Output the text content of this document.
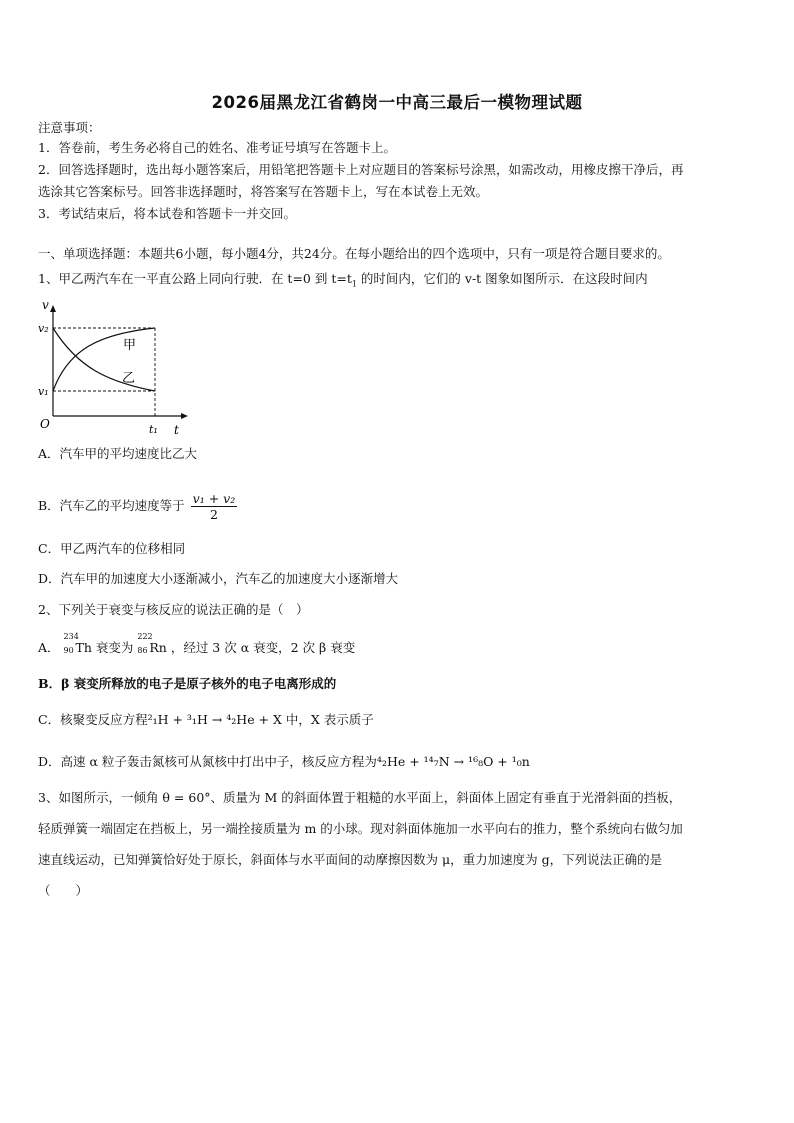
2026届黑龙江省鹤岗一中高三最后一模物理试题
注意事项：
1．答卷前，考生务必将自己的姓名、准考证号填写在答题卡上。
2．回答选择题时，选出每小题答案后，用铅笔把答题卡上对应题目的答案标号涂黑，如需改动，用橡皮擦干净后，再
选涂其它答案标号。回答非选择题时，将答案写在答题卡上，写在本试卷上无效。
3．考试结束后，将本试卷和答题卡一并交回。
一、单项选择题：本题共6小题，每小题4分，共24分。在每小题给出的四个选项中，只有一项是符合题目要求的。
1、甲乙两汽车在一平直公路上同向行驶．在 t=0 到 $t=t_1$ 的时间内，它们的 v-t 图象如图所示．在这段时间内
v
t
O
v₂
v₁
t₁
甲
乙
A．汽车甲的平均速度比乙大
B．汽车乙的平均速度等于 $\frac{\text{v₁ + v₂}}{2}$
C．甲乙两汽车的位移相同
D．汽车甲的加速度大小逐渐减小，汽车乙的加速度大小逐渐增大
2、下列关于衰变与核反应的说法正确的是（　）
A．
234
90 Th 衰变为
222
86 Rn ，经过 3 次 α 衰变，2 次 β 衰变
B．β 衰变所释放的电子是原子核外的电子电离形成的
C．核聚变反应方程²₁H + ³₁H → ⁴₂He + X 中，X 表示质子
D．高速 α 粒子轰击氮核可从氮核中打出中子，核反应方程为⁴₂He + ¹⁴₇N → ¹⁶₈O + ¹₀n
3、如图所示，一倾角 θ = 60°、质量为 M 的斜面体置于粗糙的水平面上，斜面体上固定有垂直于光滑斜面的挡板，
轻质弹簧一端固定在挡板上，另一端拴接质量为 m 的小球。现对斜面体施加一水平向右的推力，整个系统向右做匀加
速直线运动，已知弹簧恰好处于原长，斜面体与水平面间的动摩擦因数为 μ，重力加速度为 g，下列说法正确的是
（　　）
